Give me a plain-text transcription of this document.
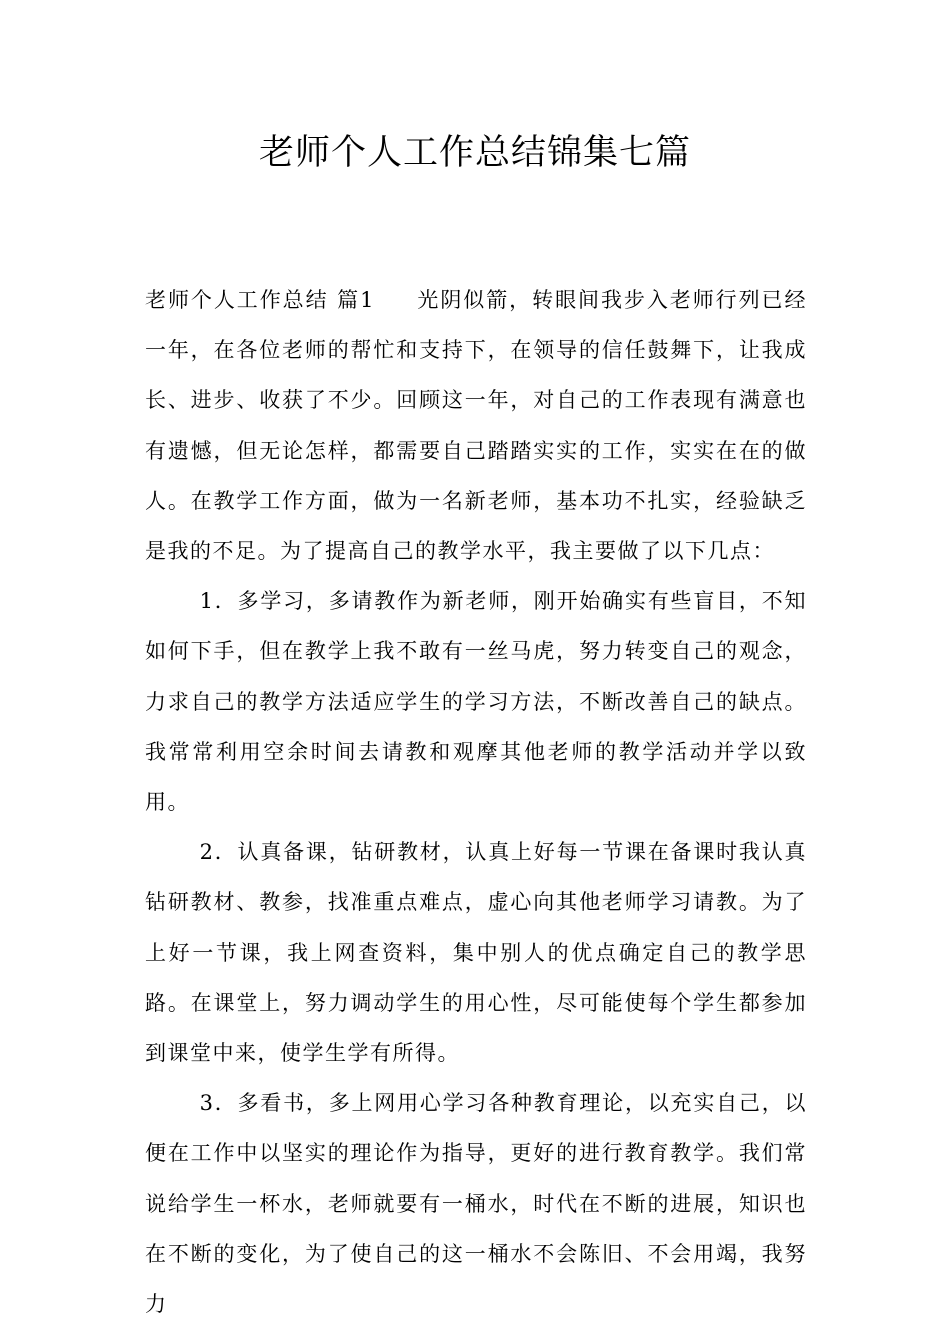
老师个人工作总结锦集七篇

老师个人工作总结 篇1 光阴似箭，转眼间我步入老师行列已经一年，在各位老师的帮忙和支持下，在领导的信任鼓舞下，让我成长、进步、收获了不少。回顾这一年，对自己的工作表现有满意也有遗憾，但无论怎样，都需要自己踏踏实实的工作，实实在在的做人。在教学工作方面，做为一名新老师，基本功不扎实，经验缺乏是我的不足。为了提高自己的教学水平，我主要做了以下几点：

1．多学习，多请教作为新老师，刚开始确实有些盲目，不知如何下手，但在教学上我不敢有一丝马虎，努力转变自己的观念，力求自己的教学方法适应学生的学习方法，不断改善自己的缺点。我常常利用空余时间去请教和观摩其他老师的教学活动并学以致用。

2．认真备课，钻研教材，认真上好每一节课在备课时我认真钻研教材、教参，找准重点难点，虚心向其他老师学习请教。为了上好一节课，我上网查资料，集中别人的优点确定自己的教学思路。在课堂上，努力调动学生的用心性，尽可能使每个学生都参加到课堂中来，使学生学有所得。

3．多看书，多上网用心学习各种教育理论，以充实自己，以便在工作中以坚实的理论作为指导，更好的进行教育教学。我们常说给学生一杯水，老师就要有一桶水，时代在不断的进展，知识也在不断的变化，为了使自己的这一桶水不会陈旧、不会用竭，我努力
